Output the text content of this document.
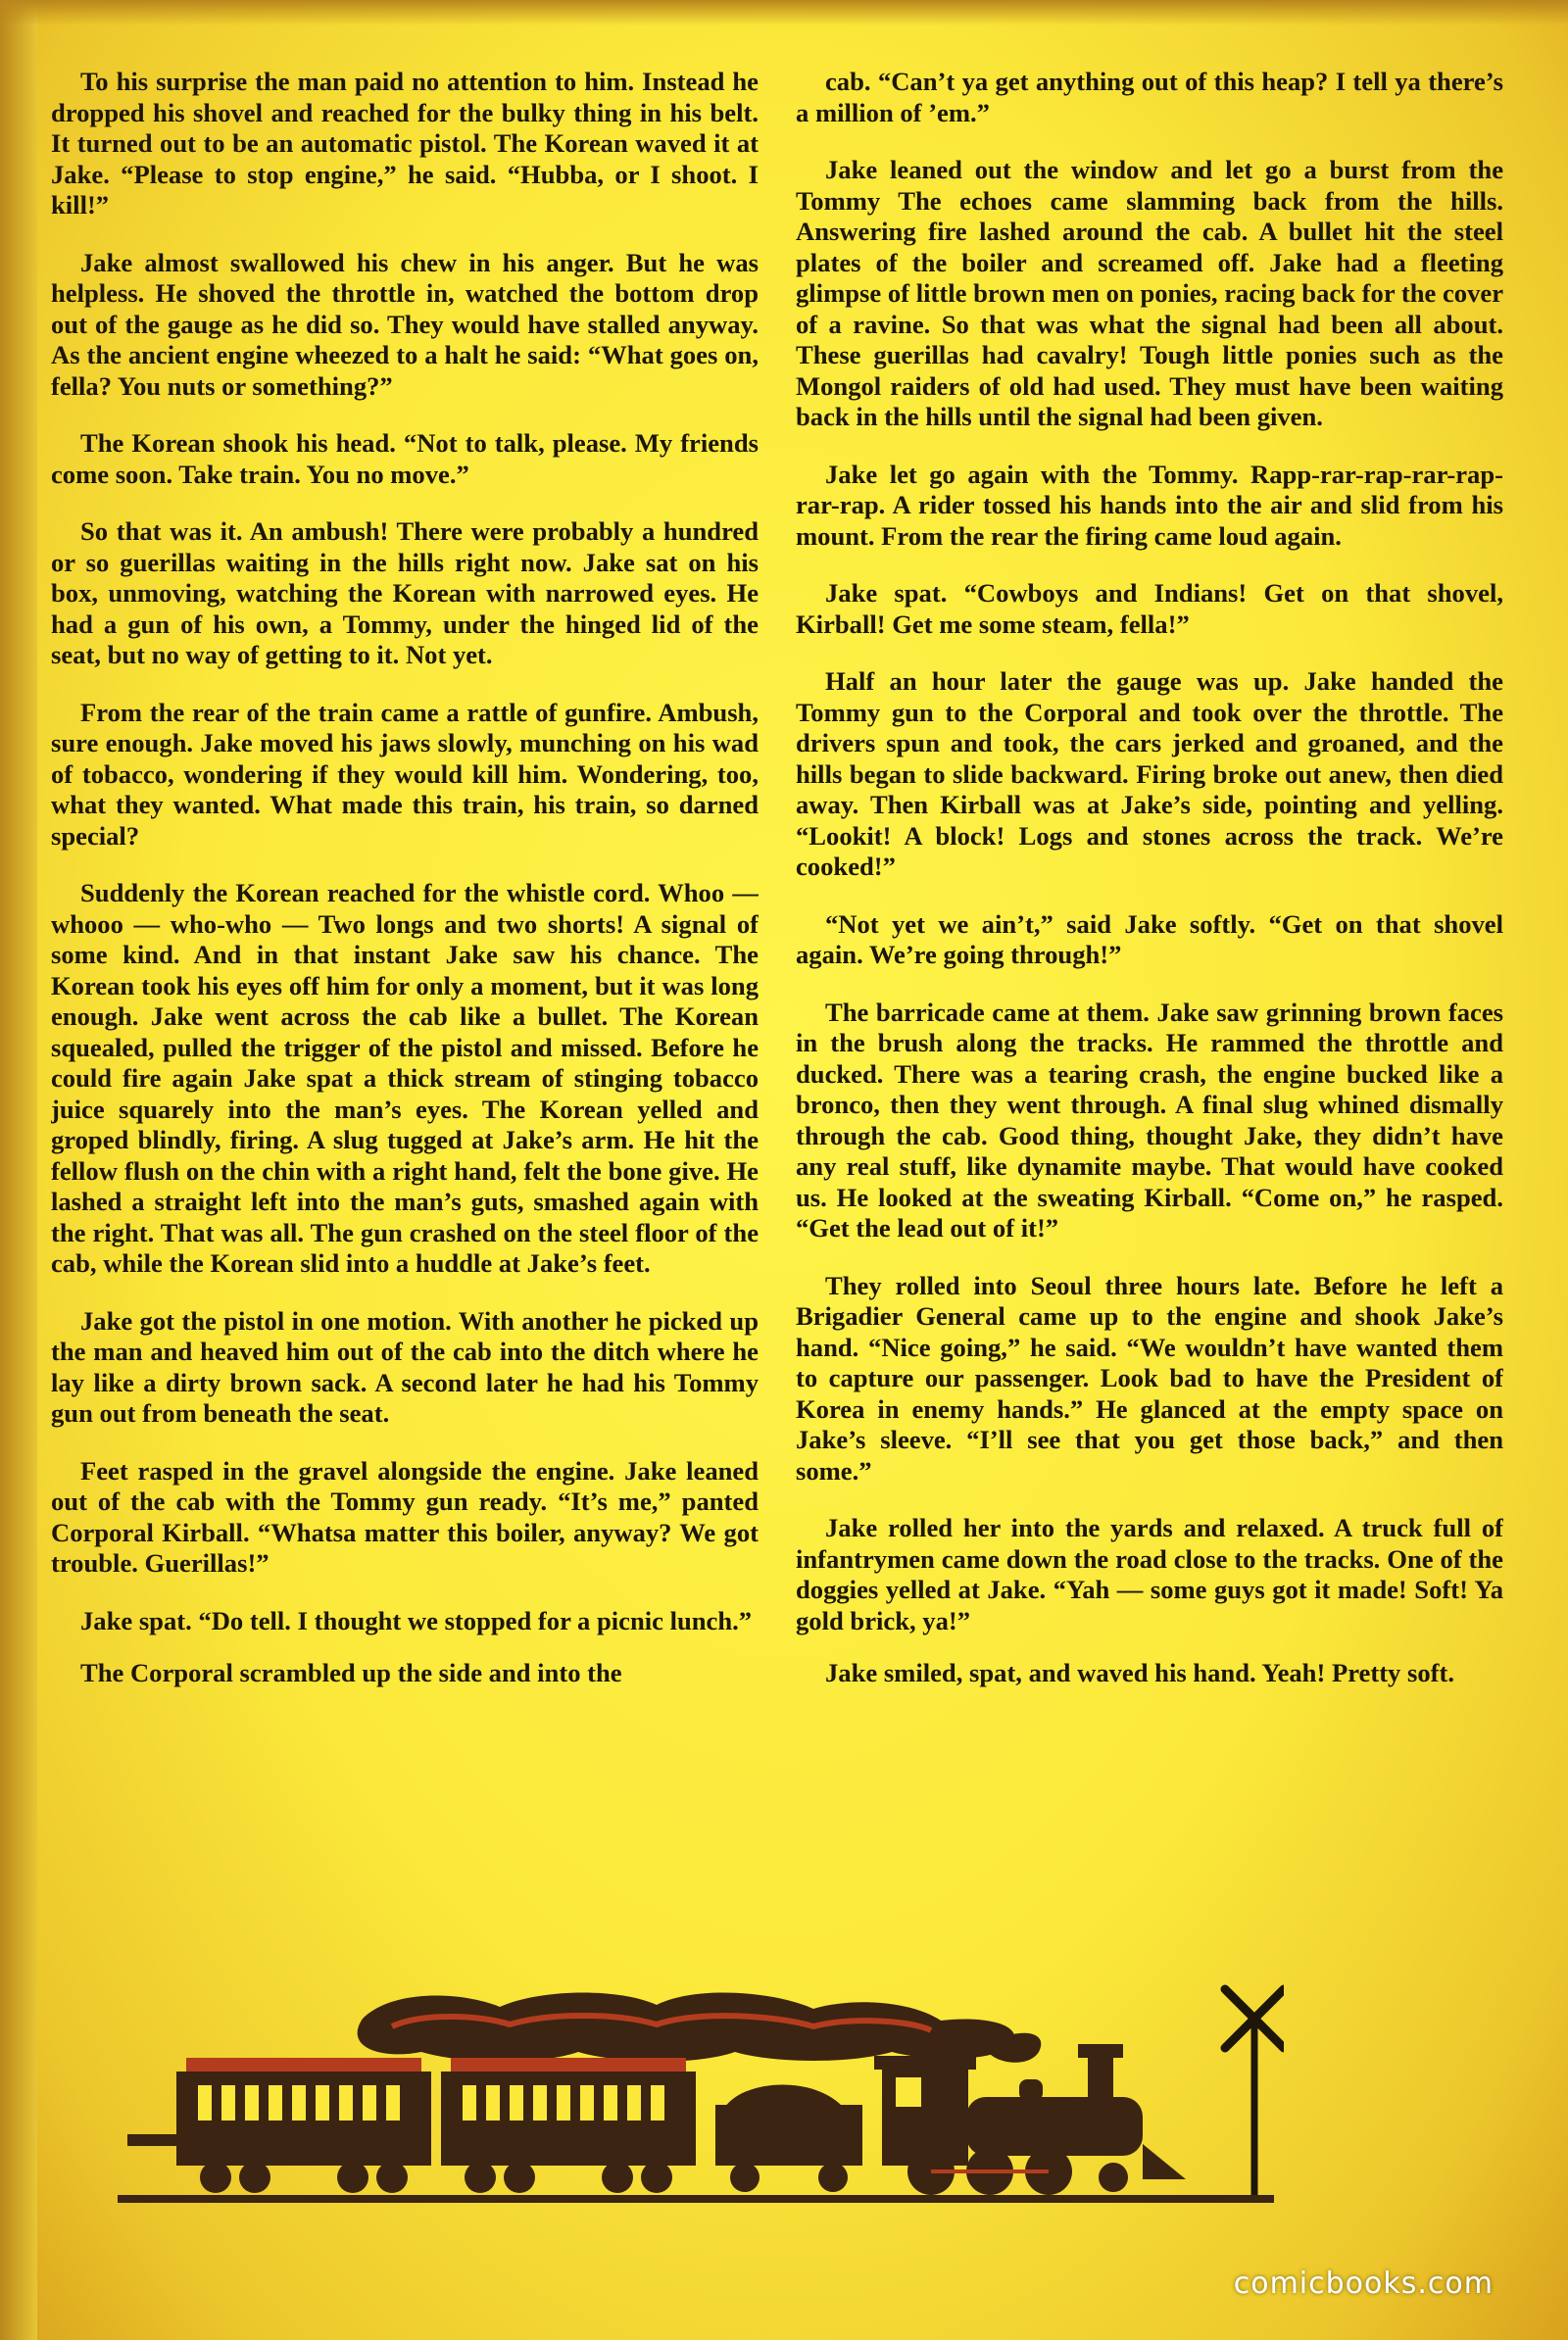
To his surprise the man paid no attention to him. Instead he dropped his shovel and reached for the bulky thing in his belt. It turned out to be an automatic pistol. The Korean waved it at Jake. “Please to stop engine,” he said. “Hubba, or I shoot. I kill!”

Jake almost swallowed his chew in his anger. But he was helpless. He shoved the throttle in, watched the bottom drop out of the gauge as he did so. They would have stalled anyway. As the ancient engine wheezed to a halt he said: “What goes on, fella? You nuts or something?”

The Korean shook his head. “Not to talk, please. My friends come soon. Take train. You no move.”

So that was it. An ambush! There were probably a hundred or so guerillas waiting in the hills right now. Jake sat on his box, unmoving, watching the Korean with narrowed eyes. He had a gun of his own, a Tommy, under the hinged lid of the seat, but no way of getting to it. Not yet.

From the rear of the train came a rattle of gunfire. Ambush, sure enough. Jake moved his jaws slowly, munching on his wad of tobacco, wondering if they would kill him. Wondering, too, what they wanted. What made this train, his train, so darned special?

Suddenly the Korean reached for the whistle cord. Whoo — whooo — who-who — Two longs and two shorts! A signal of some kind. And in that instant Jake saw his chance. The Korean took his eyes off him for only a moment, but it was long enough. Jake went across the cab like a bullet. The Korean squealed, pulled the trigger of the pistol and missed. Before he could fire again Jake spat a thick stream of stinging tobacco juice squarely into the man’s eyes. The Korean yelled and groped blindly, firing. A slug tugged at Jake’s arm. He hit the fellow flush on the chin with a right hand, felt the bone give. He lashed a straight left into the man’s guts, smashed again with the right. That was all. The gun crashed on the steel floor of the cab, while the Korean slid into a huddle at Jake’s feet.

Jake got the pistol in one motion. With another he picked up the man and heaved him out of the cab into the ditch where he lay like a dirty brown sack. A second later he had his Tommy gun out from beneath the seat.

Feet rasped in the gravel alongside the engine. Jake leaned out of the cab with the Tommy gun ready. “It’s me,” panted Corporal Kirball. “Whatsa matter this boiler, anyway? We got trouble. Guerillas!”

Jake spat. “Do tell. I thought we stopped for a picnic lunch.”

The Corporal scrambled up the side and into the

cab. “Can’t ya get anything out of this heap? I tell ya there’s a million of ’em.”

Jake leaned out the window and let go a burst from the Tommy The echoes came slamming back from the hills. Answering fire lashed around the cab. A bullet hit the steel plates of the boiler and screamed off. Jake had a fleeting glimpse of little brown men on ponies, racing back for the cover of a ravine. So that was what the signal had been all about. These guerillas had cavalry! Tough little ponies such as the Mongol raiders of old had used. They must have been waiting back in the hills until the signal had been given.

Jake let go again with the Tommy. Rapp-rar-rap-rar-rap-rar-rap. A rider tossed his hands into the air and slid from his mount. From the rear the firing came loud again.

Jake spat. “Cowboys and Indians! Get on that shovel, Kirball! Get me some steam, fella!”

Half an hour later the gauge was up. Jake handed the Tommy gun to the Corporal and took over the throttle. The drivers spun and took, the cars jerked and groaned, and the hills began to slide backward. Firing broke out anew, then died away. Then Kirball was at Jake’s side, pointing and yelling. “Lookit! A block! Logs and stones across the track. We’re cooked!”

“Not yet we ain’t,” said Jake softly. “Get on that shovel again. We’re going through!”

The barricade came at them. Jake saw grinning brown faces in the brush along the tracks. He rammed the throttle and ducked. There was a tearing crash, the engine bucked like a bronco, then they went through. A final slug whined dismally through the cab. Good thing, thought Jake, they didn’t have any real stuff, like dynamite maybe. That would have cooked us. He looked at the sweating Kirball. “Come on,” he rasped. “Get the lead out of it!”

They rolled into Seoul three hours late. Before he left a Brigadier General came up to the engine and shook Jake’s hand. “Nice going,” he said. “We wouldn’t have wanted them to capture our passenger. Look bad to have the President of Korea in enemy hands.” He glanced at the empty space on Jake’s sleeve. “I’ll see that you get those back,” and then some.”

Jake rolled her into the yards and relaxed. A truck full of infantrymen came down the road close to the tracks. One of the doggies yelled at Jake. “Yah — some guys got it made! Soft! Ya gold brick, ya!”

Jake smiled, spat, and waved his hand. Yeah! Pretty soft.

comicbooks.com
